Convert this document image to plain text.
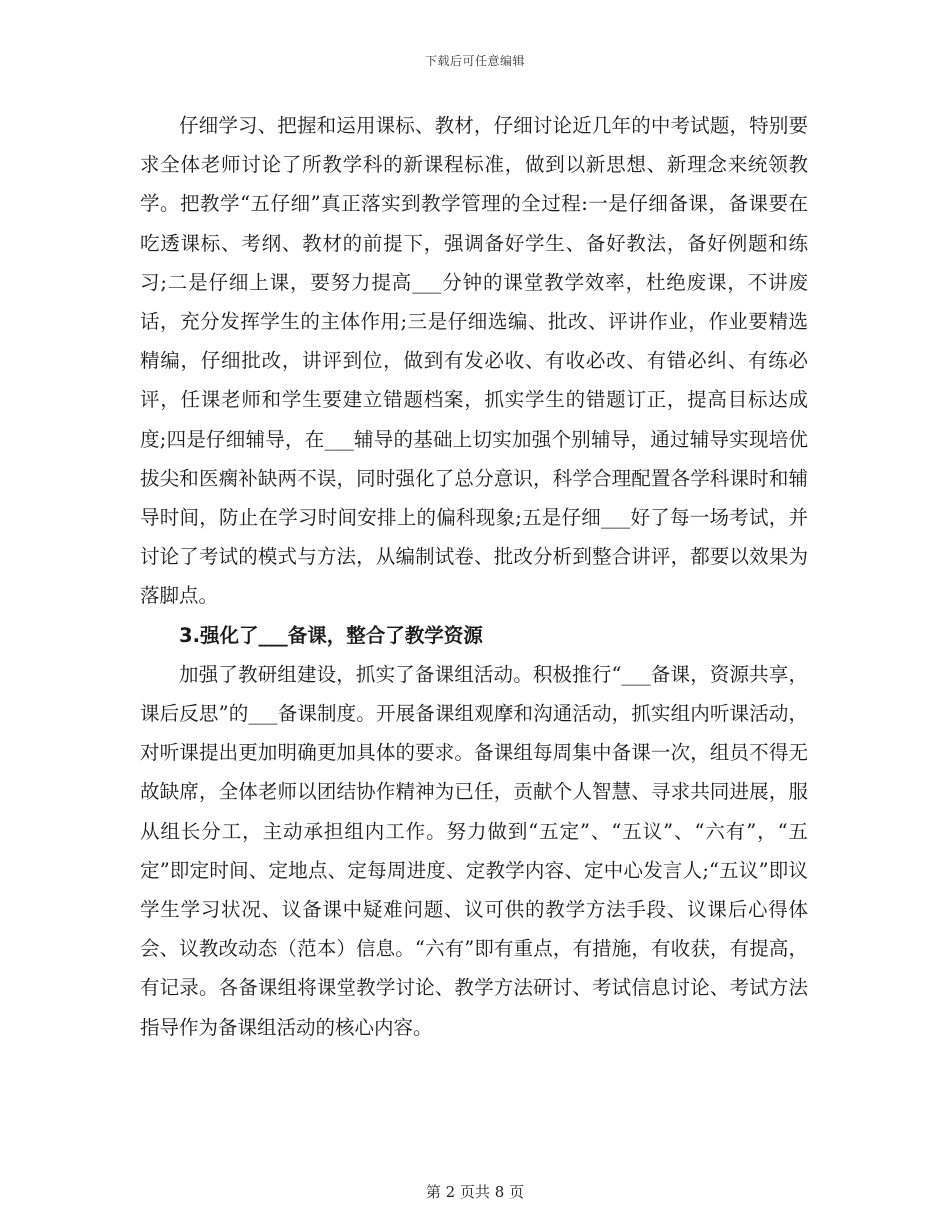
下载后可任意编辑

仔细学习、把握和运用课标、教材，仔细讨论近几年的中考试题，特别要求全体老师讨论了所教学科的新课程标准，做到以新思想、新理念来统领教学。把教学“五仔细”真正落实到教学管理的全过程:一是仔细备课，备课要在吃透课标、考纲、教材的前提下，强调备好学生、备好教法，备好例题和练习;二是仔细上课，要努力提高___分钟的课堂教学效率，杜绝废课，不讲废话，充分发挥学生的主体作用;三是仔细选编、批改、评讲作业，作业要精选精编，仔细批改，讲评到位，做到有发必收、有收必改、有错必纠、有练必评，任课老师和学生要建立错题档案，抓实学生的错题订正，提高目标达成度;四是仔细辅导，在___辅导的基础上切实加强个别辅导，通过辅导实现培优拔尖和医瘸补缺两不误，同时强化了总分意识，科学合理配置各学科课时和辅导时间，防止在学习时间安排上的偏科现象;五是仔细___好了每一场考试，并讨论了考试的模式与方法，从编制试卷、批改分析到整合讲评，都要以效果为落脚点。

3.强化了___备课，整合了教学资源

加强了教研组建设，抓实了备课组活动。积极推行“___备课，资源共享，课后反思”的___备课制度。开展备课组观摩和沟通活动，抓实组内听课活动，对听课提出更加明确更加具体的要求。备课组每周集中备课一次，组员不得无故缺席，全体老师以团结协作精神为已任，贡献个人智慧、寻求共同进展，服从组长分工，主动承担组内工作。努力做到“五定”、“五议”、“六有”，“五定”即定时间、定地点、定每周进度、定教学内容、定中心发言人;“五议”即议学生学习状况、议备课中疑难问题、议可供的教学方法手段、议课后心得体会、议教改动态（范本）信息。“六有”即有重点，有措施，有收获，有提高，有记录。各备课组将课堂教学讨论、教学方法研讨、考试信息讨论、考试方法指导作为备课组活动的核心内容。

第 2 页共 8 页
